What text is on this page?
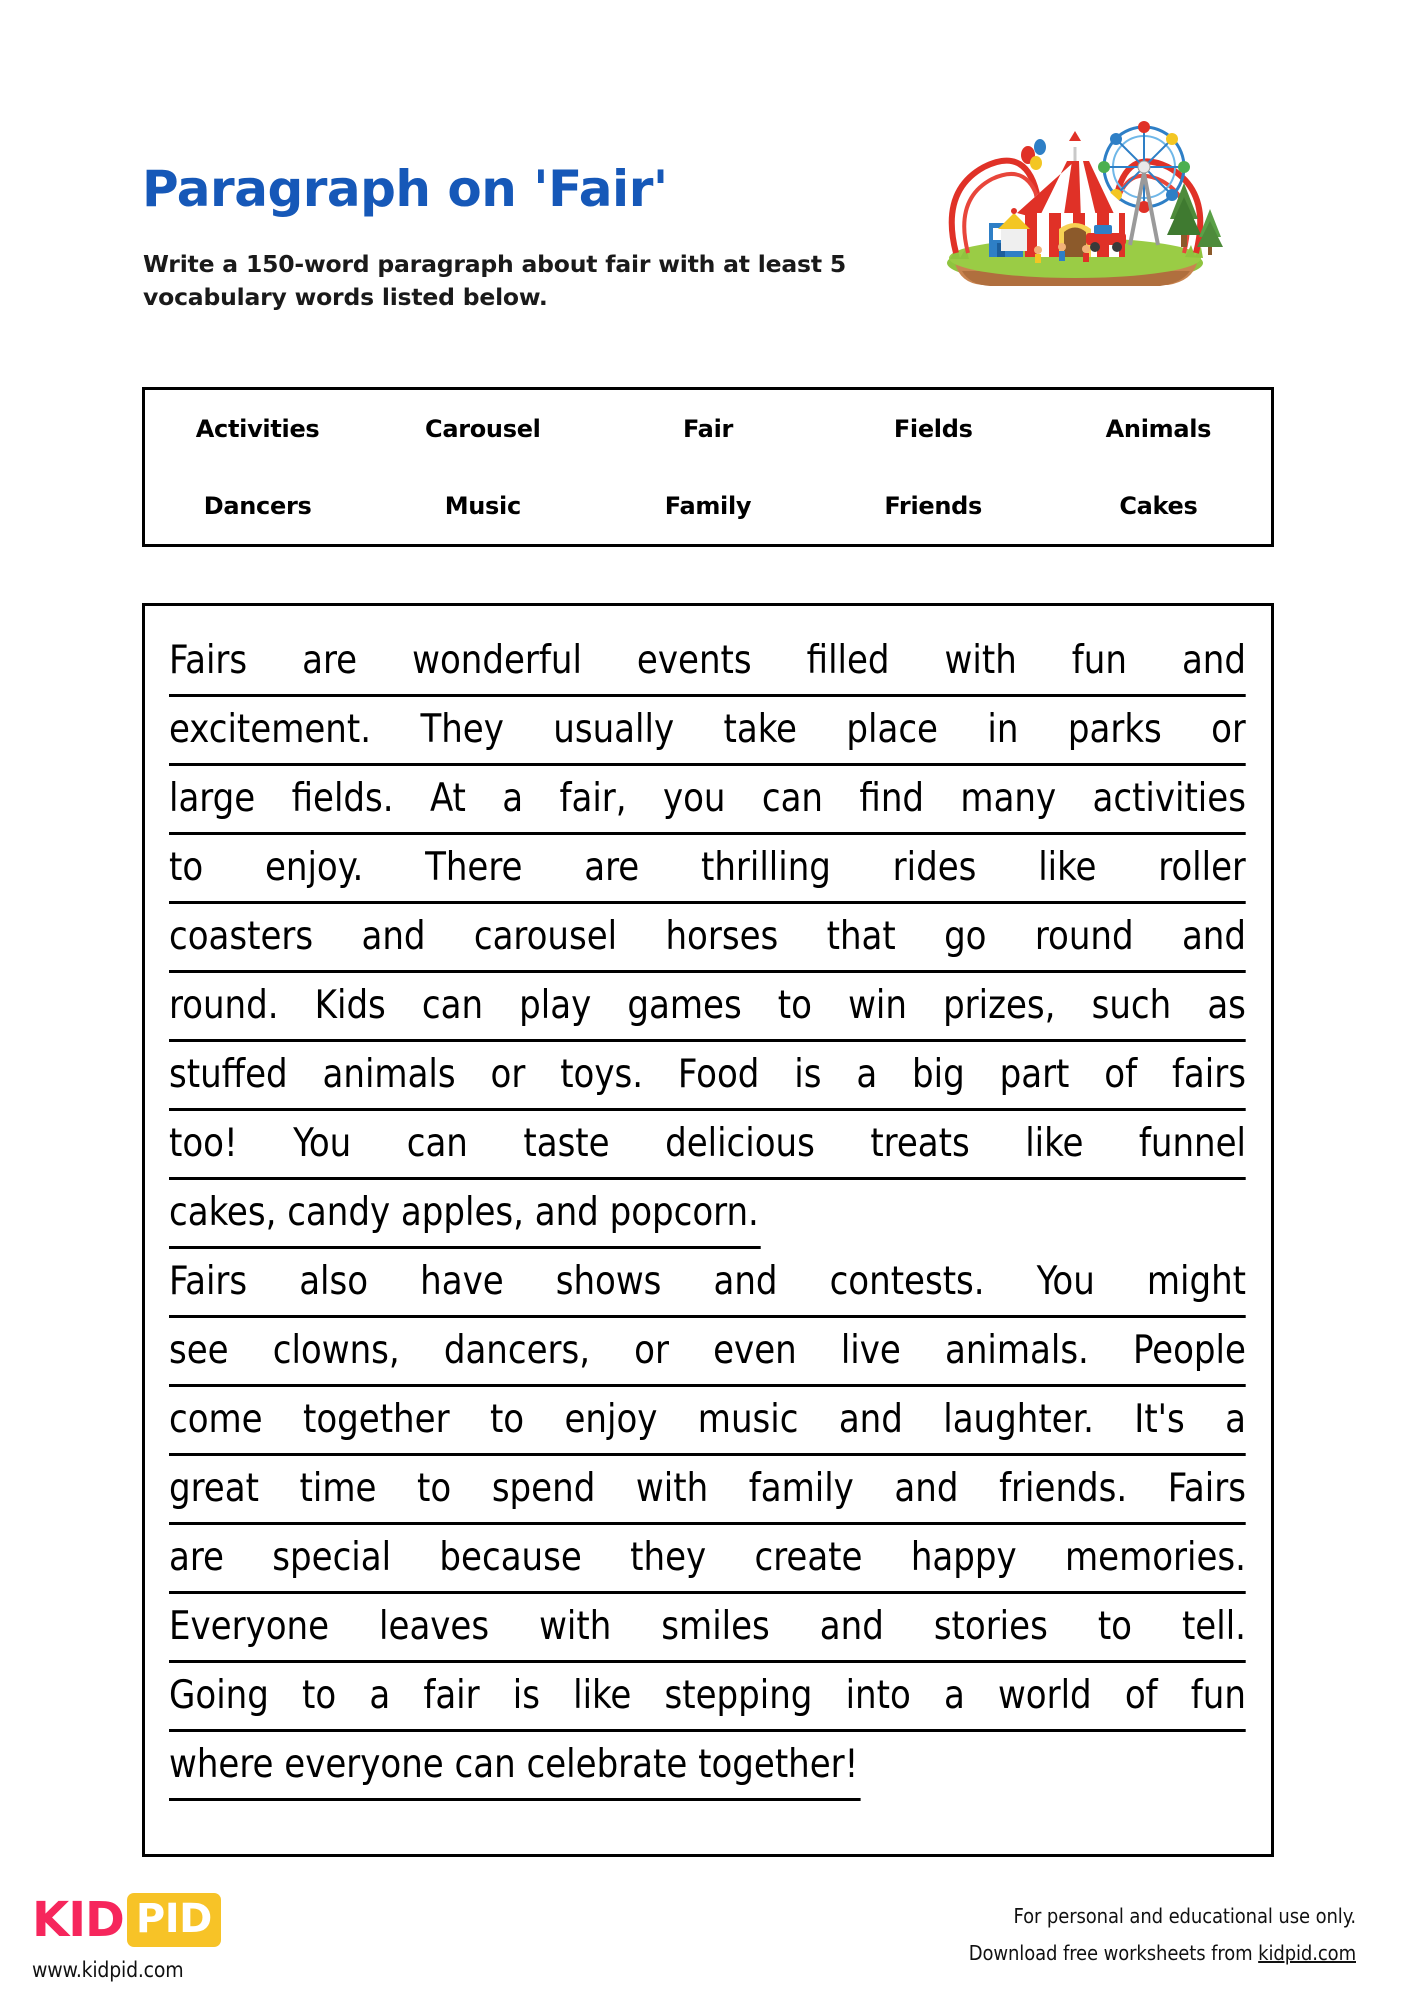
Paragraph on 'Fair'
Write a 150-word paragraph about fair with at least 5 vocabulary words listed below.
Activities	Carousel	Fair	Fields	Animals
Dancers	Music	Family	Friends	Cakes
Fairs are wonderful events filled with fun and
excitement. They usually take place in parks or
large fields. At a fair, you can find many activities
to enjoy. There are thrilling rides like roller
coasters and carousel horses that go round and
round. Kids can play games to win prizes, such as
stuffed animals or toys. Food is a big part of fairs
too! You can taste delicious treats like funnel
cakes, candy apples, and popcorn.
Fairs also have shows and contests. You might
see clowns, dancers, or even live animals. People
come together to enjoy music and laughter. It's a
great time to spend with family and friends. Fairs
are special because they create happy memories.
Everyone leaves with smiles and stories to tell.
Going to a fair is like stepping into a world of fun
where everyone can celebrate together!
KID PID
www.kidpid.com
For personal and educational use only.
Download free worksheets from kidpid.com
